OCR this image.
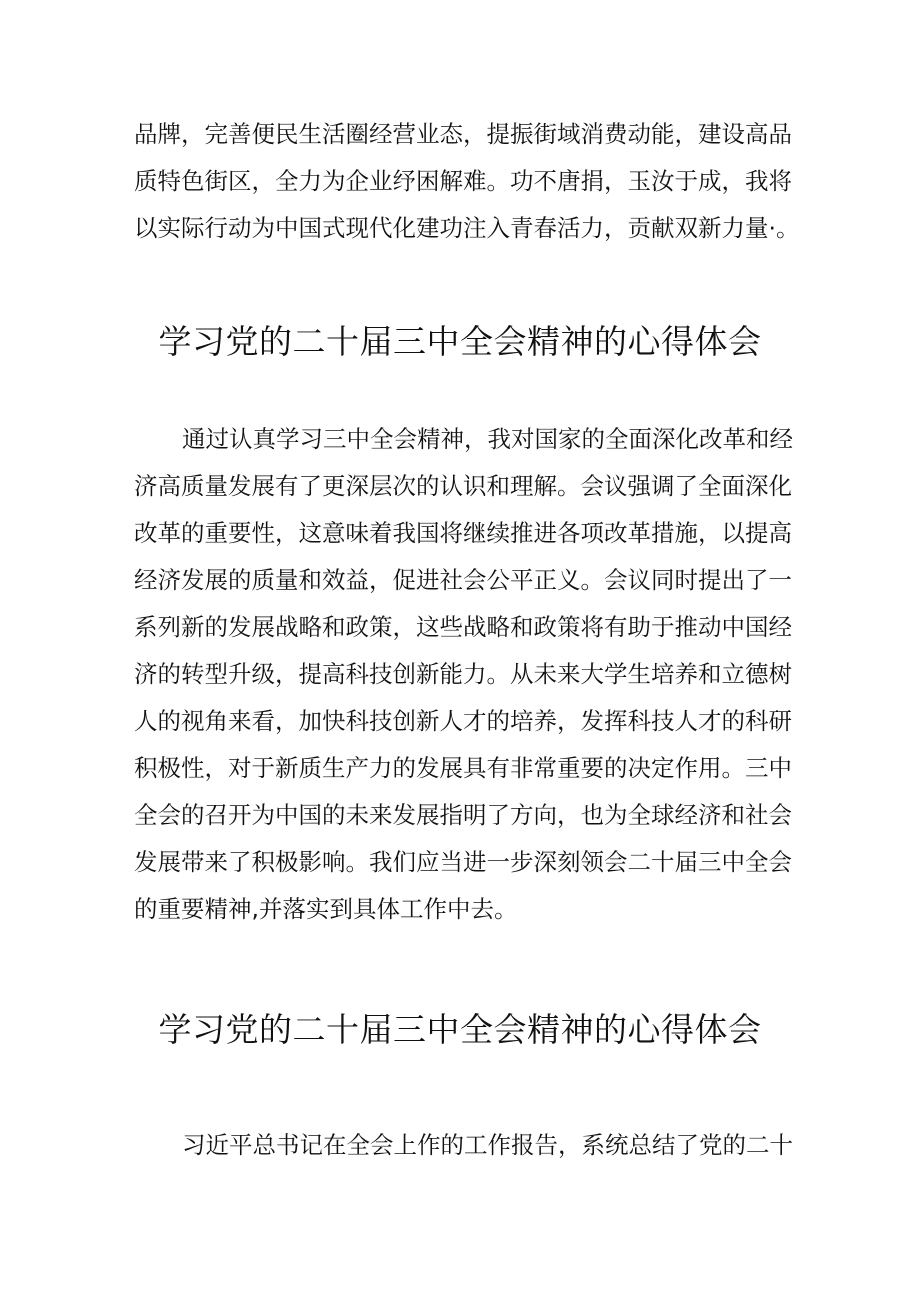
品牌，完善便民生活圈经营业态，提振街域消费动能，建设高品
质特色街区，全力为企业纾困解难。功不唐捐，玉汝于成，我将
以实际行动为中国式现代化建功注入青春活力，贡献双新力量·。
学习党的二十届三中全会精神的心得体会
通过认真学习三中全会精神，我对国家的全面深化改革和经
济高质量发展有了更深层次的认识和理解。会议强调了全面深化
改革的重要性，这意味着我国将继续推进各项改革措施，以提高
经济发展的质量和效益，促进社会公平正义。会议同时提出了一
系列新的发展战略和政策，这些战略和政策将有助于推动中国经
济的转型升级，提高科技创新能力。从未来大学生培养和立德树
人的视角来看，加快科技创新人才的培养，发挥科技人才的科研
积极性，对于新质生产力的发展具有非常重要的决定作用。三中
全会的召开为中国的未来发展指明了方向，也为全球经济和社会
发展带来了积极影响。我们应当进一步深刻领会二十届三中全会
的重要精神,并落实到具体工作中去。
学习党的二十届三中全会精神的心得体会
习近平总书记在全会上作的工作报告，系统总结了党的二十
